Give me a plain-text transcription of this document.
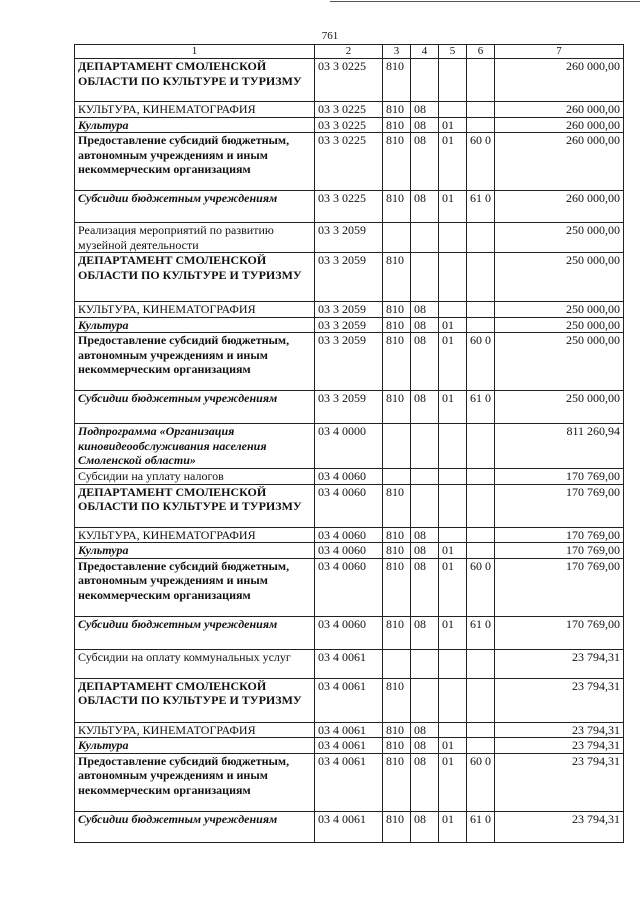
761
1	2	3	4	5	6	7
ДЕПАРТАМЕНТ СМОЛЕНСКОЙ ОБЛАСТИ ПО КУЛЬТУРЕ И ТУРИЗМУ	03 3 0225	810				260 000,00
КУЛЬТУРА, КИНЕМАТОГРАФИЯ	03 3 0225	810	08			260 000,00
Культура	03 3 0225	810	08	01		260 000,00
Предоставление субсидий бюджетным, автономным учреждениям и иным некоммерческим организациям	03 3 0225	810	08	01	60 0	260 000,00
Субсидии бюджетным учреждениям	03 3 0225	810	08	01	61 0	260 000,00
Реализация мероприятий по развитию музейной деятельности	03 3 2059					250 000,00
ДЕПАРТАМЕНТ СМОЛЕНСКОЙ ОБЛАСТИ ПО КУЛЬТУРЕ И ТУРИЗМУ	03 3 2059	810				250 000,00
КУЛЬТУРА, КИНЕМАТОГРАФИЯ	03 3 2059	810	08			250 000,00
Культура	03 3 2059	810	08	01		250 000,00
Предоставление субсидий бюджетным, автономным учреждениям и иным некоммерческим организациям	03 3 2059	810	08	01	60 0	250 000,00
Субсидии бюджетным учреждениям	03 3 2059	810	08	01	61 0	250 000,00
Подпрограмма «Организация киновидеообслуживания населения Смоленской области»	03 4 0000					811 260,94
Субсидии на уплату налогов	03 4 0060					170 769,00
ДЕПАРТАМЕНТ СМОЛЕНСКОЙ ОБЛАСТИ ПО КУЛЬТУРЕ И ТУРИЗМУ	03 4 0060	810				170 769,00
КУЛЬТУРА, КИНЕМАТОГРАФИЯ	03 4 0060	810	08			170 769,00
Культура	03 4 0060	810	08	01		170 769,00
Предоставление субсидий бюджетным, автономным учреждениям и иным некоммерческим организациям	03 4 0060	810	08	01	60 0	170 769,00
Субсидии бюджетным учреждениям	03 4 0060	810	08	01	61 0	170 769,00
Субсидии на оплату коммунальных услуг	03 4 0061					23 794,31
ДЕПАРТАМЕНТ СМОЛЕНСКОЙ ОБЛАСТИ ПО КУЛЬТУРЕ И ТУРИЗМУ	03 4 0061	810				23 794,31
КУЛЬТУРА, КИНЕМАТОГРАФИЯ	03 4 0061	810	08			23 794,31
Культура	03 4 0061	810	08	01		23 794,31
Предоставление субсидий бюджетным, автономным учреждениям и иным некоммерческим организациям	03 4 0061	810	08	01	60 0	23 794,31
Субсидии бюджетным учреждениям	03 4 0061	810	08	01	61 0	23 794,31
